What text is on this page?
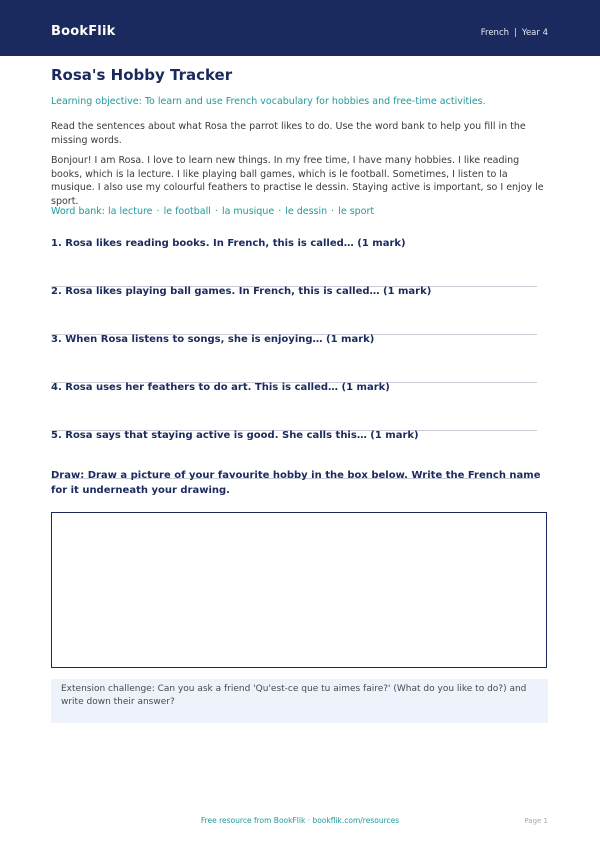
BookFlik	French | Year 4
Rosa's Hobby Tracker
Learning objective: To learn and use French vocabulary for hobbies and free-time activities.
Read the sentences about what Rosa the parrot likes to do. Use the word bank to help you fill in the missing words.
Bonjour! I am Rosa. I love to learn new things. In my free time, I have many hobbies. I like reading books, which is la lecture. I like playing ball games, which is le football. Sometimes, I listen to la musique. I also use my colourful feathers to practise le dessin. Staying active is important, so I enjoy le sport.
Word bank: la lecture · le football · la musique · le dessin · le sport
1. Rosa likes reading books. In French, this is called… (1 mark)
2. Rosa likes playing ball games. In French, this is called… (1 mark)
3. When Rosa listens to songs, she is enjoying… (1 mark)
4. Rosa uses her feathers to do art. This is called… (1 mark)
5. Rosa says that staying active is good. She calls this… (1 mark)
Draw: Draw a picture of your favourite hobby in the box below. Write the French name for it underneath your drawing.
Extension challenge: Can you ask a friend 'Qu'est-ce que tu aimes faire?' (What do you like to do?) and write down their answer?
Free resource from BookFlik · bookflik.com/resources	Page 1
